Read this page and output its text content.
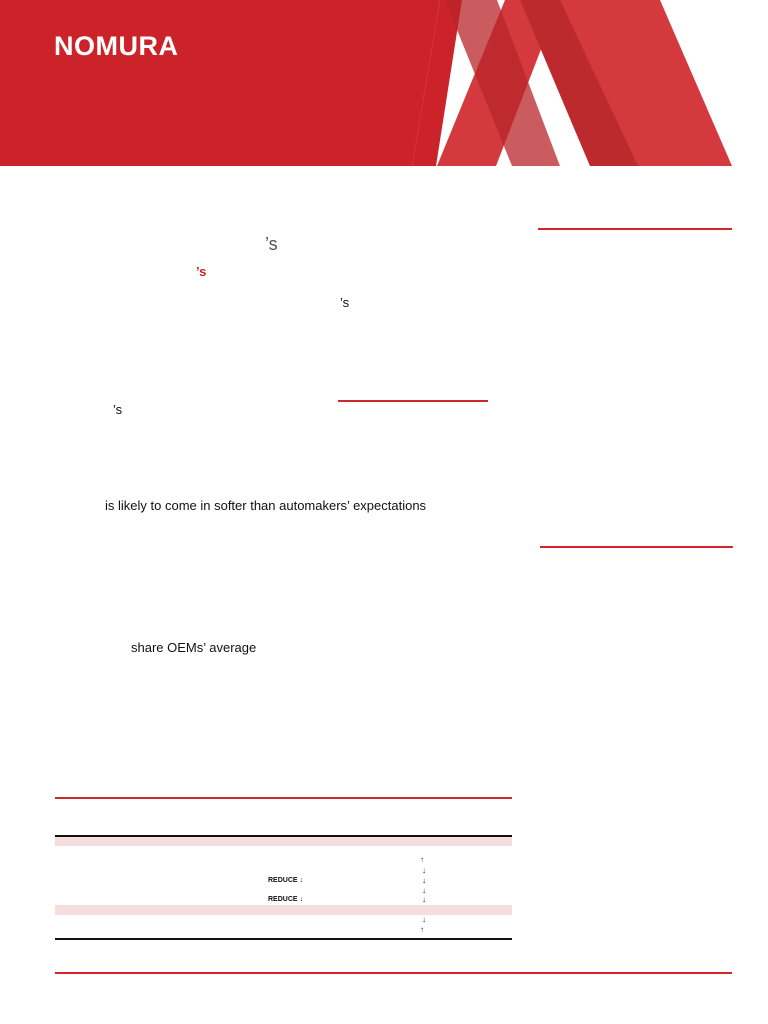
NOMURA
’s
’s
’s
’s
is likely to come in softer than automakers’ expectations
share OEMs’ average
↑
↓
REDUCE ↓	↓
↓
REDUCE ↓	↓
↓
↑
